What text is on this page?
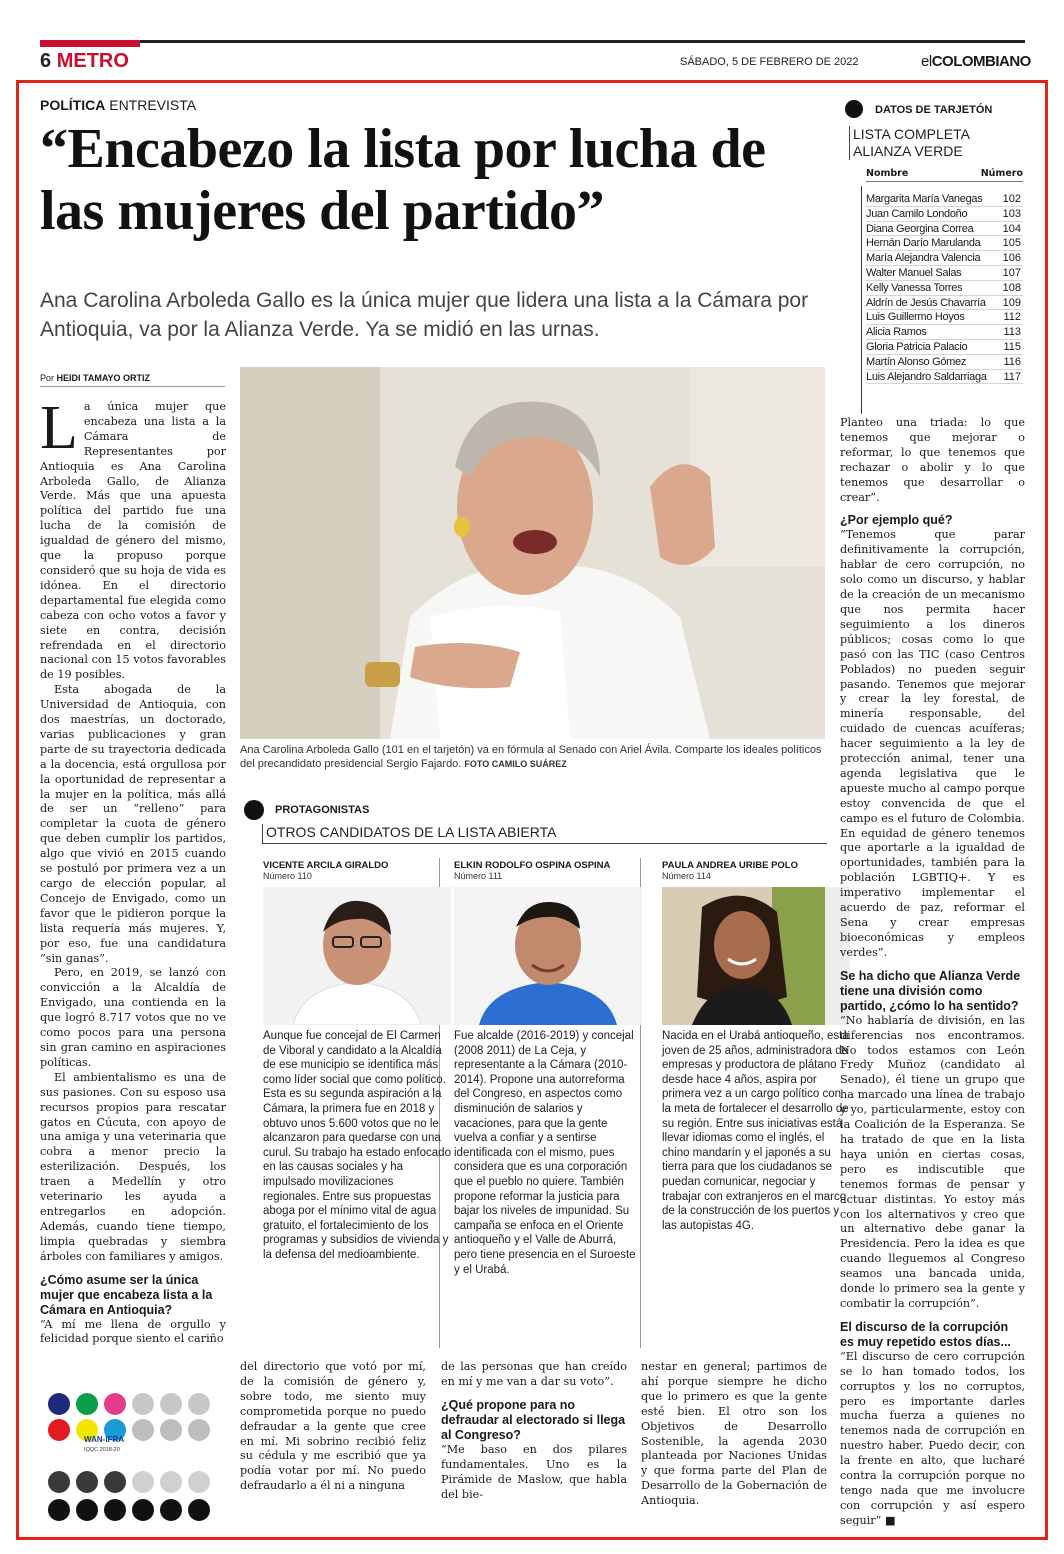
6 METRO	SÁBADO, 5 DE FEBRERO DE 2022	elCOLOMBIANO
POLÍTICA ENTREVISTA
“Encabezo la lista por lucha de las mujeres del partido”

Ana Carolina Arboleda Gallo es la única mujer que lidera una lista a la Cámara por Antioquia, va por la Alianza Verde. Ya se midió en las urnas.

Por HEIDI TAMAYO ORTIZ

La única mujer que encabeza una lista a la Cámara de Representantes por Antioquia es Ana Carolina Arboleda Gallo, de Alianza Verde. Más que una apuesta política del partido fue una lucha de la comisión de igualdad de género del mismo, que la propuso porque consideró que su hoja de vida es idónea. En el directorio departamental fue elegida como cabeza con ocho votos a favor y siete en contra, decisión refrendada en el directorio nacional con 15 votos favorables de 19 posibles.

Esta abogada de la Universidad de Antioquia, con dos maestrías, un doctorado, varias publicaciones y gran parte de su trayectoria dedicada a la docencia, está orgullosa por la oportunidad de representar a la mujer en la política, más allá de ser un “relleno” para completar la cuota de género que deben cumplir los partidos, algo que vivió en 2015 cuando se postuló por primera vez a un cargo de elección popular, al Concejo de Envigado, como un favor que le pidieron porque la lista requería más mujeres. Y, por eso, fue una candidatura “sin ganas”.

Pero, en 2019, se lanzó con convicción a la Alcaldía de Envigado, una contienda en la que logró 8.717 votos que no ve como pocos para una persona sin gran camino en aspiraciones políticas.

El ambientalismo es una de sus pasiones. Con su esposo usa recursos propios para rescatar gatos en Cúcuta, con apoyo de una amiga y una veterinaria que cobra a menor precio la esterilización. Después, los traen a Medellín y otro veterinario les ayuda a entregarlos en adopción. Además, cuando tiene tiempo, limpia quebradas y siembra árboles con familiares y amigos.

¿Cómo asume ser la única mujer que encabeza lista a la Cámara en Antioquia?

“A mí me llena de orgullo y felicidad porque siento el cariño

Ana Carolina Arboleda Gallo (101 en el tarjetón) va en fórmula al Senado con Ariel Ávila. Comparte los ideales políticos del precandidato presidencial Sergio Fajardo. FOTO CAMILO SUÁREZ
PROTAGONISTAS
OTROS CANDIDATOS DE LA LISTA ABIERTA
VICENTE ARCILA GIRALDO
Número 110
Aunque fue concejal de El Carmen de Viboral y candidato a la Alcaldía de ese municipio se identifica más como líder social que como político. Esta es su segunda aspiración a la Cámara, la primera fue en 2018 y obtuvo unos 5.600 votos que no le alcanzaron para quedarse con una curul. Su trabajo ha estado enfocado en las causas sociales y ha impulsado movilizaciones regionales. Entre sus propuestas aboga por el mínimo vital de agua gratuito, el fortalecimiento de los programas y subsidios de vivienda y la defensa del medioambiente.
ELKIN RODOLFO OSPINA OSPINA
Número 111
Fue alcalde (2016-2019) y concejal (2008 2011) de La Ceja, y representante a la Cámara (2010-2014). Propone una autorreforma del Congreso, en aspectos como disminución de salarios y vacaciones, para que la gente vuelva a confiar y a sentirse identificada con el mismo, pues considera que es una corporación que el pueblo no quiere. También propone reformar la justicia para bajar los niveles de impunidad. Su campaña se enfoca en el Oriente antioqueño y el Valle de Aburrá, pero tiene presencia en el Suroeste y el Urabá.
PAULA ANDREA URIBE POLO
Número 114
Nacida en el Urabá antioqueño, esta joven de 25 años, administradora de empresas y productora de plátano desde hace 4 años, aspira por primera vez a un cargo político con la meta de fortalecer el desarrollo de su región. Entre sus iniciativas está llevar idiomas como el inglés, el chino mandarín y el japonés a su tierra para que los ciudadanos se puedan comunicar, negociar y trabajar con extranjeros en el marco de la construcción de los puertos y las autopistas 4G.
DATOS DE TARJETÓN
LISTA COMPLETA ALIANZA VERDE
Nombre	Número
Margarita María Vanegas 102
Juan Camilo Londoño	103
Diana Georgina Correa	104
Hernán Darío Marulanda 105
María Alejandra Valencia 106
Walter Manuel Salas	107
Kelly Vanessa Torres	108
Aldrín de Jesús Chavarría 109
Luis Guillermo Hoyos	112
Alicia Ramos	113
Gloria Patricia Palacio	115
Martín Alonso Gómez	116
Luis Alejandro Saldarriaga 117

Planteo una triada: lo que tenemos que mejorar o reformar, lo que tenemos que rechazar o abolir y lo que tenemos que desarrollar o crear”.

¿Por ejemplo qué?

“Tenemos que parar definitivamente la corrupción, hablar de cero corrupción, no solo como un discurso, y hablar de la creación de un mecanismo que nos permita hacer seguimiento a los dineros públicos; cosas como lo que pasó con las TIC (caso Centros Poblados) no pueden seguir pasando. Tenemos que mejorar y crear la ley forestal, de minería responsable, del cuidado de cuencas acuíferas; hacer seguimiento a la ley de protección animal, tener una agenda legislativa que le apueste mucho al campo porque estoy convencida de que el campo es el futuro de Colombia. En equidad de género tenemos que aportarle a la igualdad de oportunidades, también para la población LGBTIQ+. Y es imperativo implementar el acuerdo de paz, reformar el Sena y crear empresas bioeconómicas y empleos verdes”.

Se ha dicho que Alianza Verde tiene una división como partido, ¿cómo lo ha sentido?

“No hablaría de división, en las diferencias nos encontramos. No todos estamos con León Fredy Muñoz (candidato al Senado), él tiene un grupo que ha marcado una línea de trabajo y yo, particularmente, estoy con la Coalición de la Esperanza. Se ha tratado de que en la lista haya unión en ciertas cosas, pero es indiscutible que tenemos formas de pensar y actuar distintas. Yo estoy más con los alternativos y creo que un alternativo debe ganar la Presidencia. Pero la idea es que cuando lleguemos al Congreso seamos una bancada unida, donde lo primero sea la gente y combatir la corrupción”.

El discurso de la corrupción es muy repetido estos días...

“El discurso de cero corrupción se lo han tomado todos, los corruptos y los no corruptos, pero es importante darles mucha fuerza a quienes no tenemos nada de corrupción en nuestro haber. Puedo decir, con la frente en alto, que lucharé contra la corrupción porque no tengo nada que me involucre con corrupción y así espero seguir” ■

del directorio que votó por mí, de la comisión de género y, sobre todo, me siento muy comprometida porque no puedo defraudar a la gente que cree en mí. Mi sobrino recibió feliz su cédula y me escribió que ya podía votar por mí. No puedo defraudarlo a él ni a ninguna

de las personas que han creído en mí y me van a dar su voto”.

¿Qué propone para no defraudar al electorado si llega al Congreso?

“Me baso en dos pilares fundamentales. Uno es la Pirámide de Maslow, que habla del bie-

nestar en general; partimos de ahí porque siempre he dicho que lo primero es que la gente esté bien. El otro son los Objetivos de Desarrollo Sostenible, la agenda 2030 planteada por Naciones Unidas y que forma parte del Plan de Desarrollo de la Gobernación de Antioquia.

WAN-IFRA
IQQC 2018-20
